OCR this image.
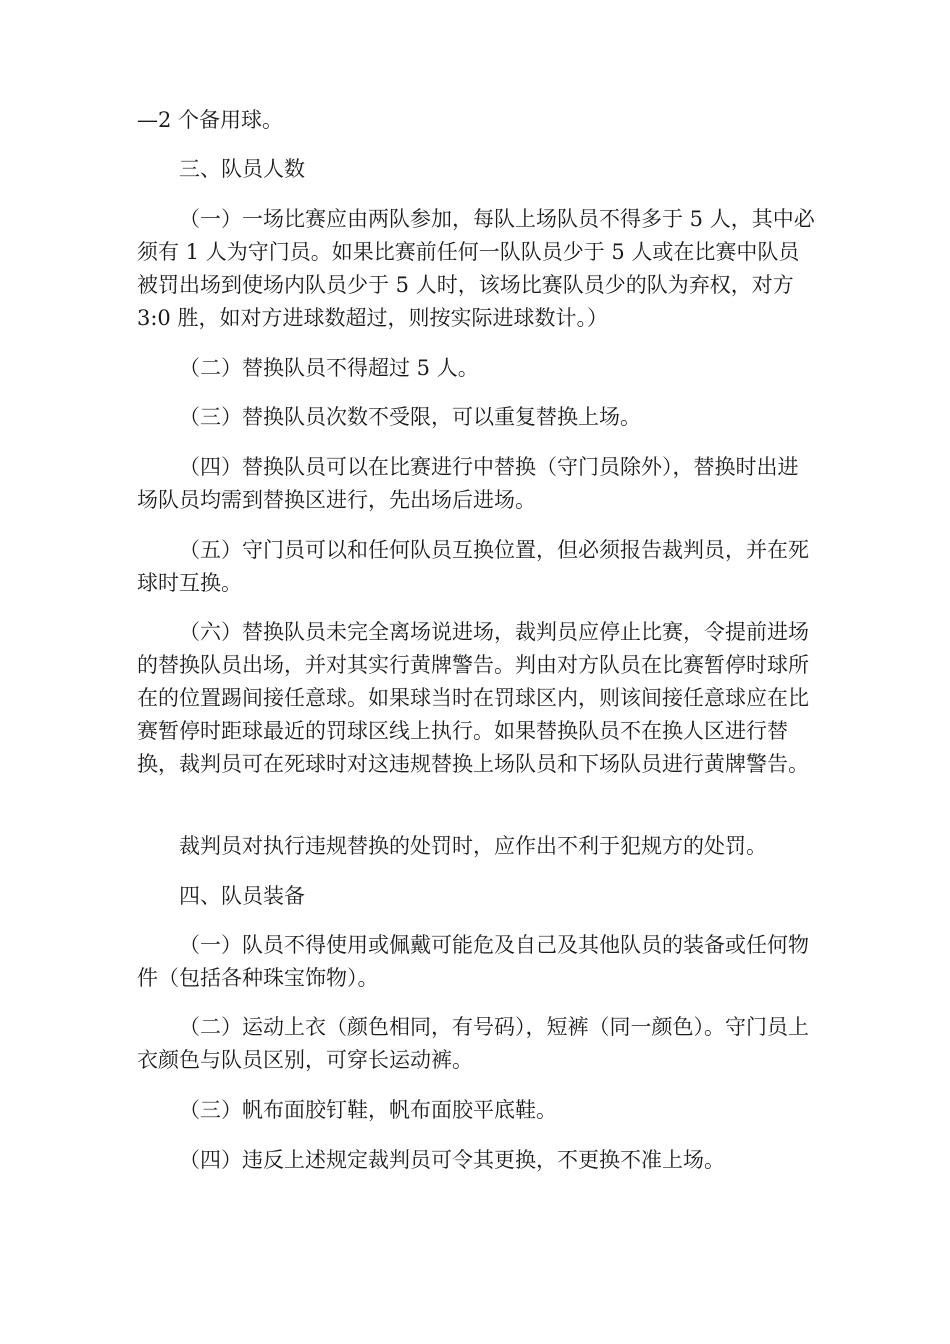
—2 个备用球。

三、队员人数

（一）一场比赛应由两队参加，每队上场队员不得多于 5 人，其中必须有 1 人为守门员。如果比赛前任何一队队员少于 5 人或在比赛中队员被罚出场到使场内队员少于 5 人时，该场比赛队员少的队为弃权，对方 3:0 胜，如对方进球数超过，则按实际进球数计。）

（二）替换队员不得超过 5 人。

（三）替换队员次数不受限，可以重复替换上场。

（四）替换队员可以在比赛进行中替换（守门员除外），替换时出进场队员均需到替换区进行，先出场后进场。

（五）守门员可以和任何队员互换位置，但必须报告裁判员，并在死球时互换。

（六）替换队员未完全离场说进场，裁判员应停止比赛，令提前进场的替换队员出场，并对其实行黄牌警告。判由对方队员在比赛暂停时球所在的位置踢间接任意球。如果球当时在罚球区内，则该间接任意球应在比赛暂停时距球最近的罚球区线上执行。如果替换队员不在换人区进行替换，裁判员可在死球时对这违规替换上场队员和下场队员进行黄牌警告。

裁判员对执行违规替换的处罚时，应作出不利于犯规方的处罚。

四、队员装备

（一）队员不得使用或佩戴可能危及自己及其他队员的装备或任何物件（包括各种珠宝饰物）。

（二）运动上衣（颜色相同，有号码），短裤（同一颜色）。守门员上衣颜色与队员区别，可穿长运动裤。

（三）帆布面胶钉鞋，帆布面胶平底鞋。

（四）违反上述规定裁判员可令其更换，不更换不准上场。
